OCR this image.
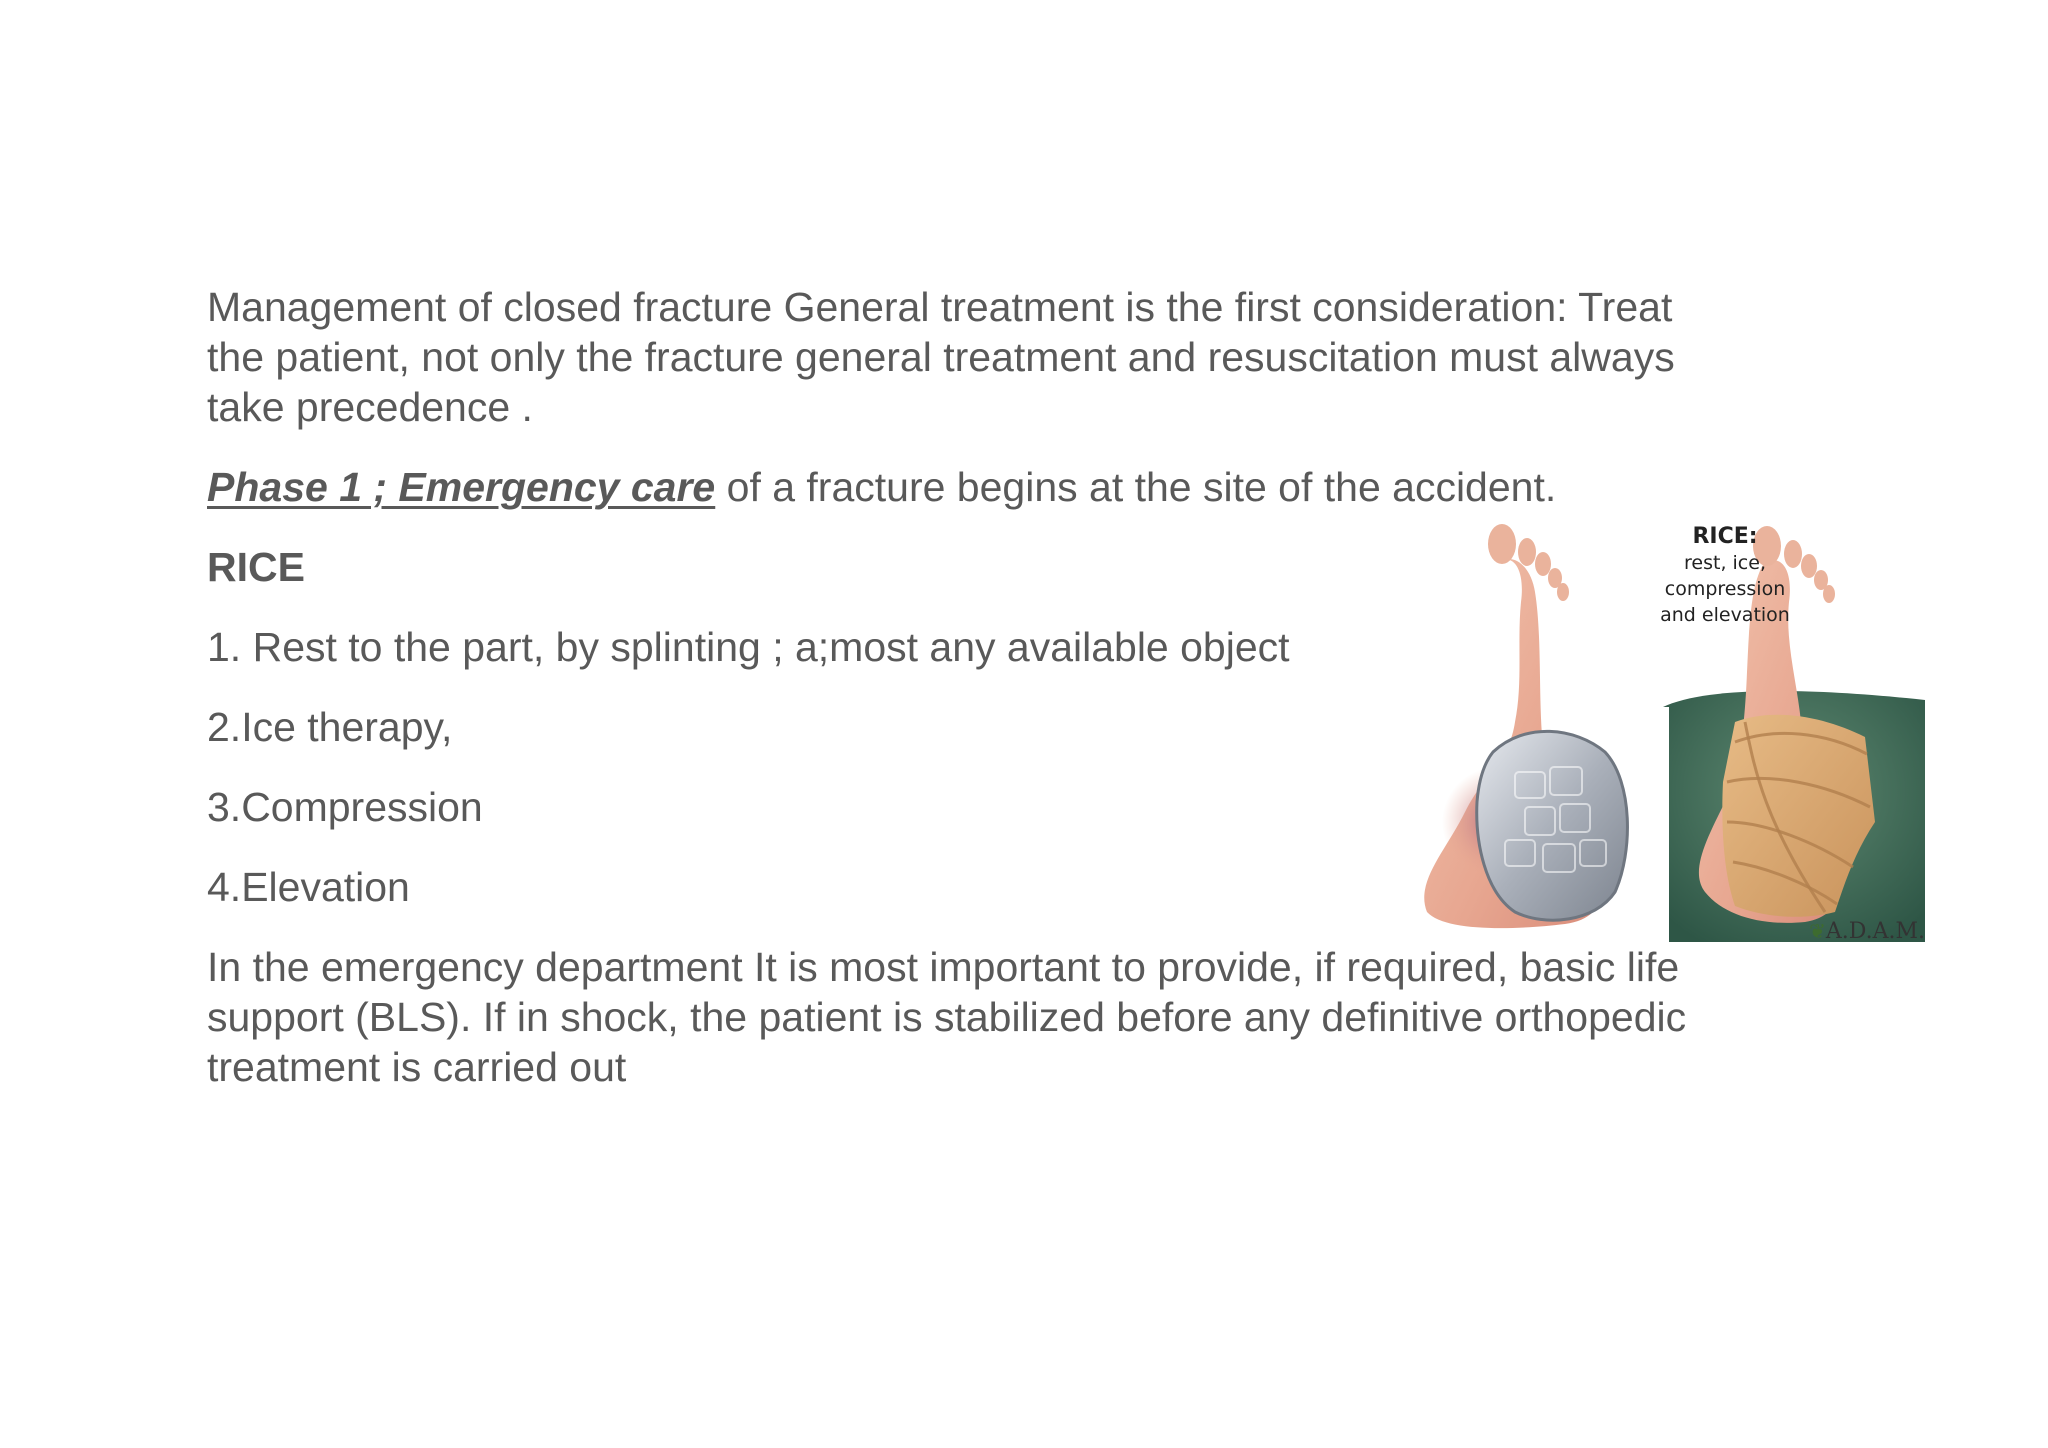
Management of closed fracture General treatment is the first consideration: Treat

the patient, not only the fracture general treatment and resuscitation must always

take precedence .

Phase 1 ; Emergency care of a fracture begins at the site of the accident.

RICE

1. Rest to the part, by splinting ; a;most any available object

2.Ice therapy,

3.Compression

4.Elevation

In the emergency department It is most important to provide, if required, basic life

support (BLS). If in shock, the patient is stabilized before any definitive orthopedic

treatment is carried out

RICE:
rest, ice,
compression
and elevation
❦A.D.A.M.
